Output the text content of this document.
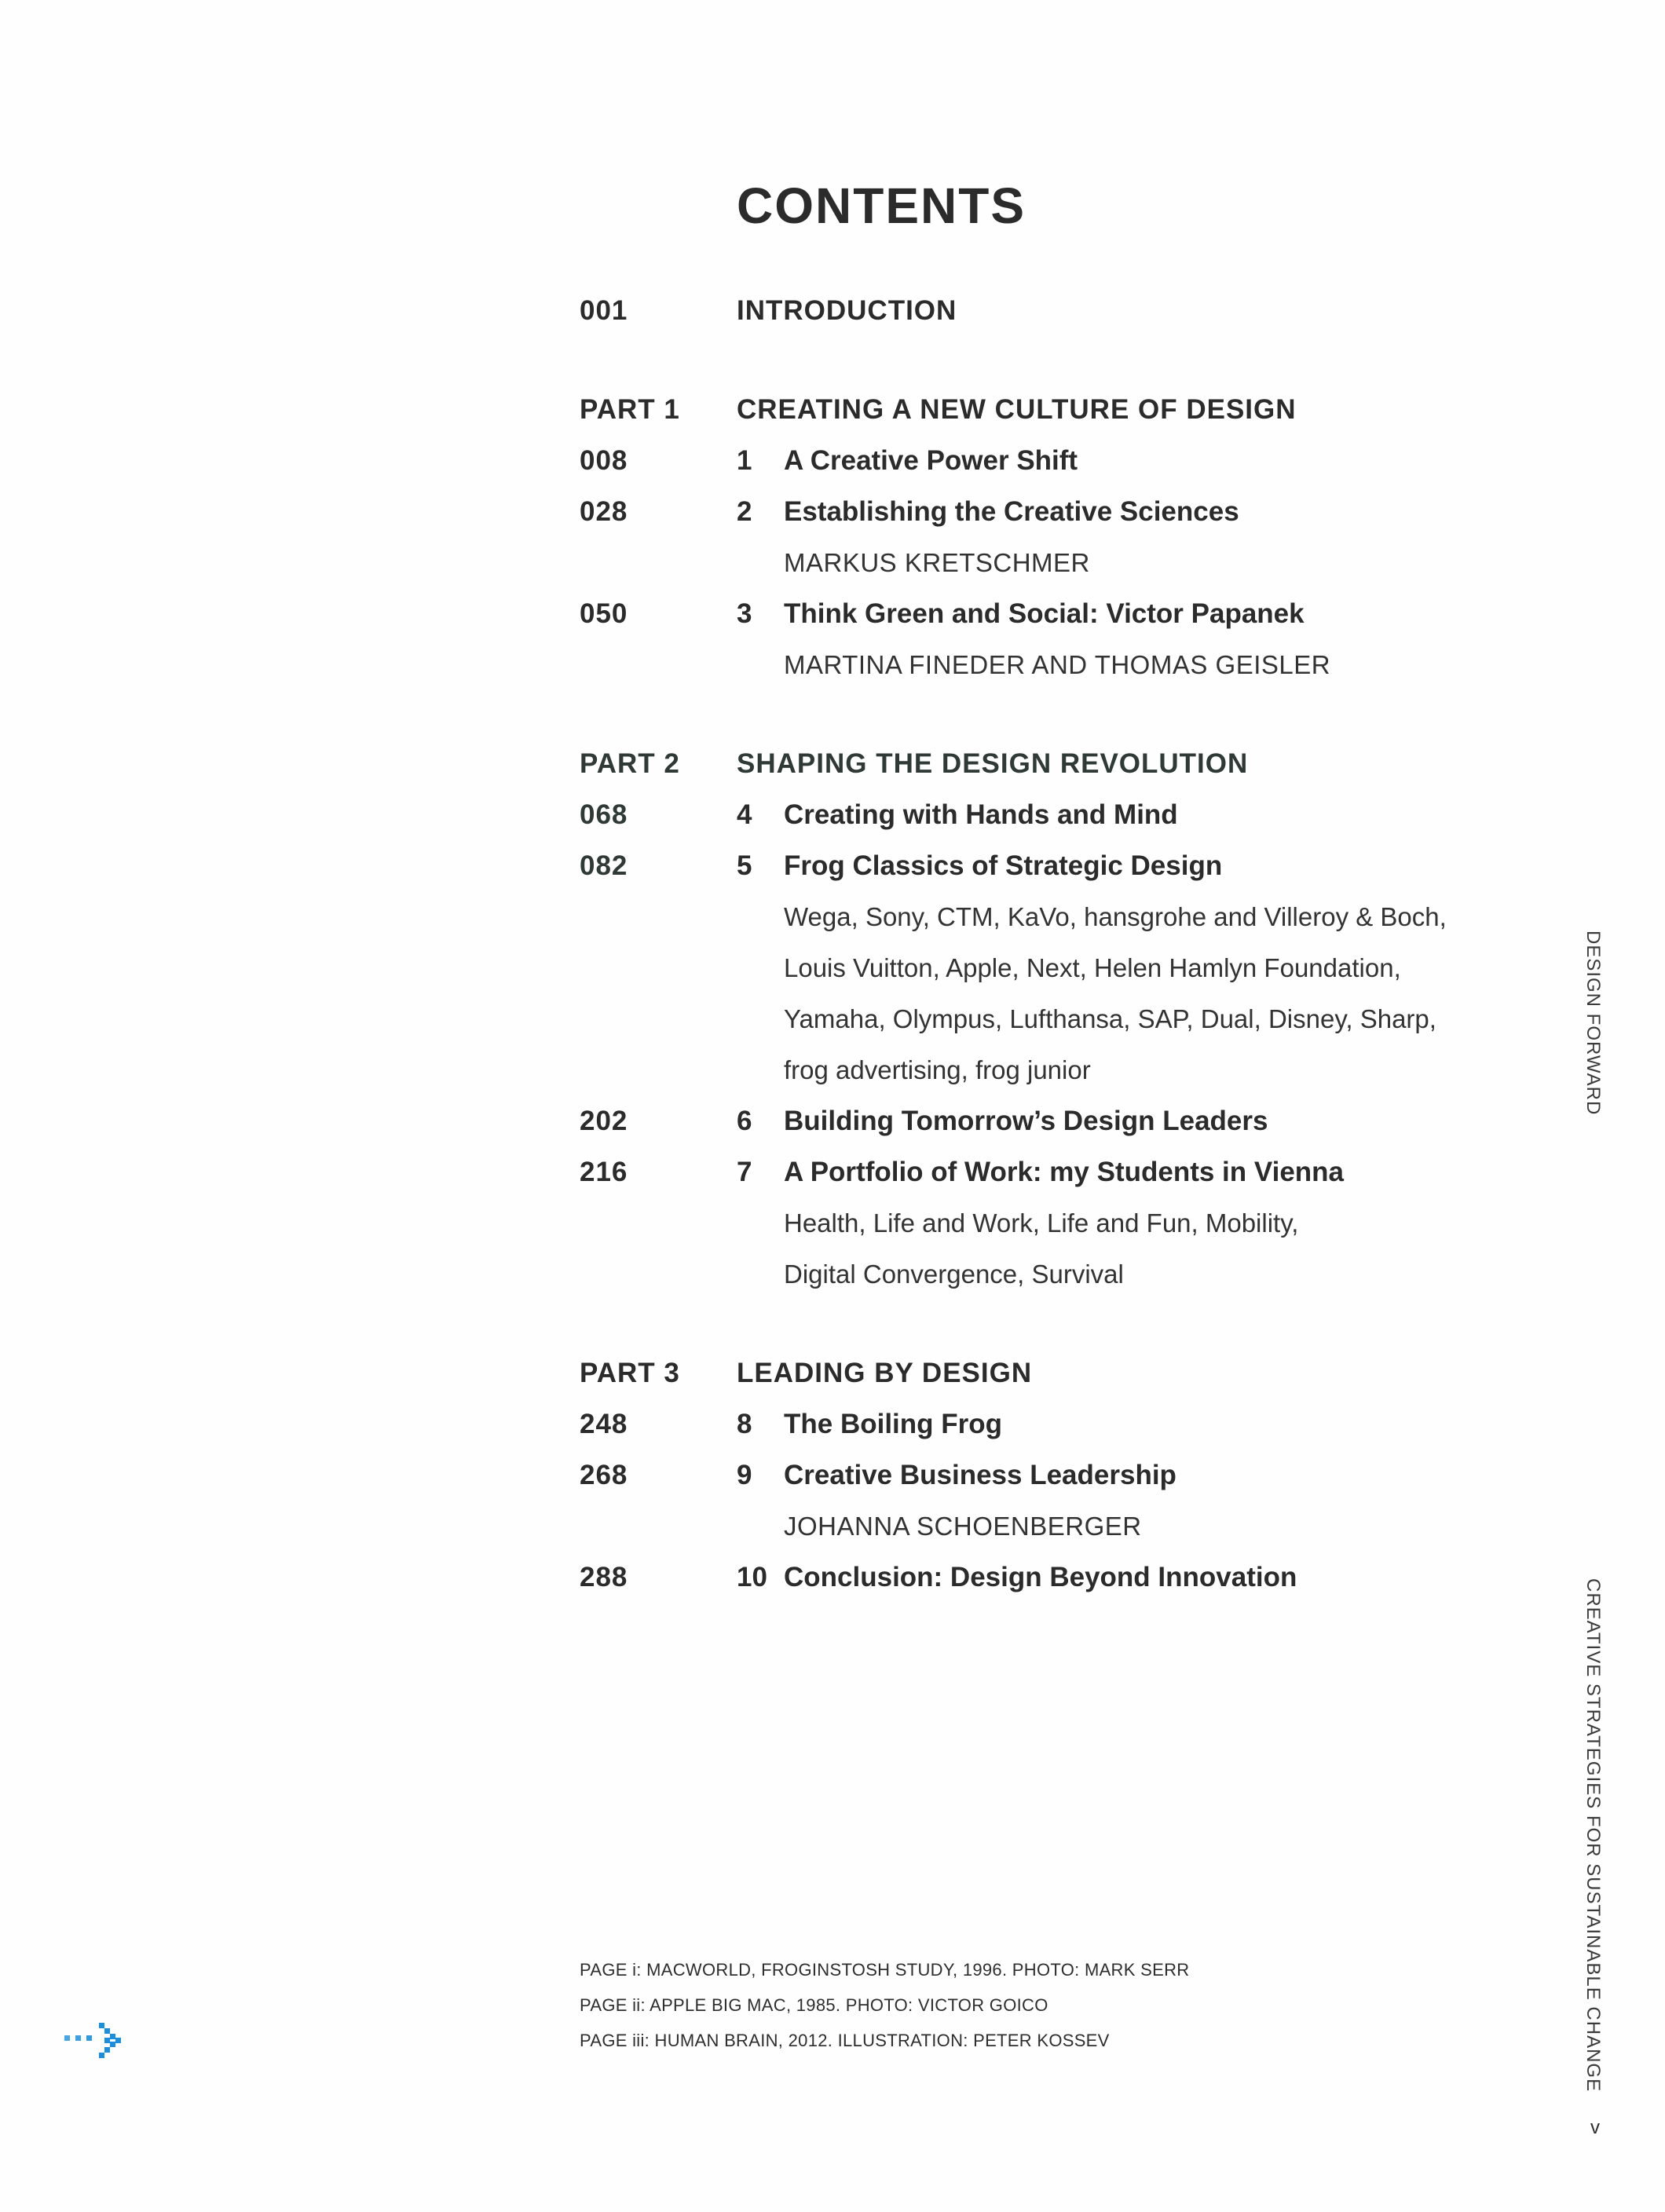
CONTENTS
001	INTRODUCTION
PART 1 CREATING A NEW CULTURE OF DESIGN
008	1 A Creative Power Shift
028	2 Establishing the Creative Sciences
MARKUS KRETSCHMER
050	3 Think Green and Social: Victor Papanek
MARTINA FINEDER AND THOMAS GEISLER
PART 2 SHAPING THE DESIGN REVOLUTION
068	4 Creating with Hands and Mind
082	5 Frog Classics of Strategic Design
Wega, Sony, CTM, KaVo, hansgrohe and Villeroy & Boch,
Louis Vuitton, Apple, Next, Helen Hamlyn Foundation,
Yamaha, Olympus, Lufthansa, SAP, Dual, Disney, Sharp,
frog advertising, frog junior
202	6 Building Tomorrow’s Design Leaders
216	7 A Portfolio of Work: my Students in Vienna
Health, Life and Work, Life and Fun, Mobility,
Digital Convergence, Survival
PART 3 LEADING BY DESIGN
248	8 The Boiling Frog
268	9 Creative Business Leadership
JOHANNA SCHOENBERGER
288	10 Conclusion: Design Beyond Innovation
PAGE i: MACWORLD, FROGINSTOSH STUDY, 1996. PHOTO: MARK SERR
PAGE ii: APPLE BIG MAC, 1985. PHOTO: VICTOR GOICO
PAGE iii: HUMAN BRAIN, 2012. ILLUSTRATION: PETER KOSSEV
DESIGN FORWARD
CREATIVE STRATEGIES FOR SUSTAINABLE CHANGE
v
